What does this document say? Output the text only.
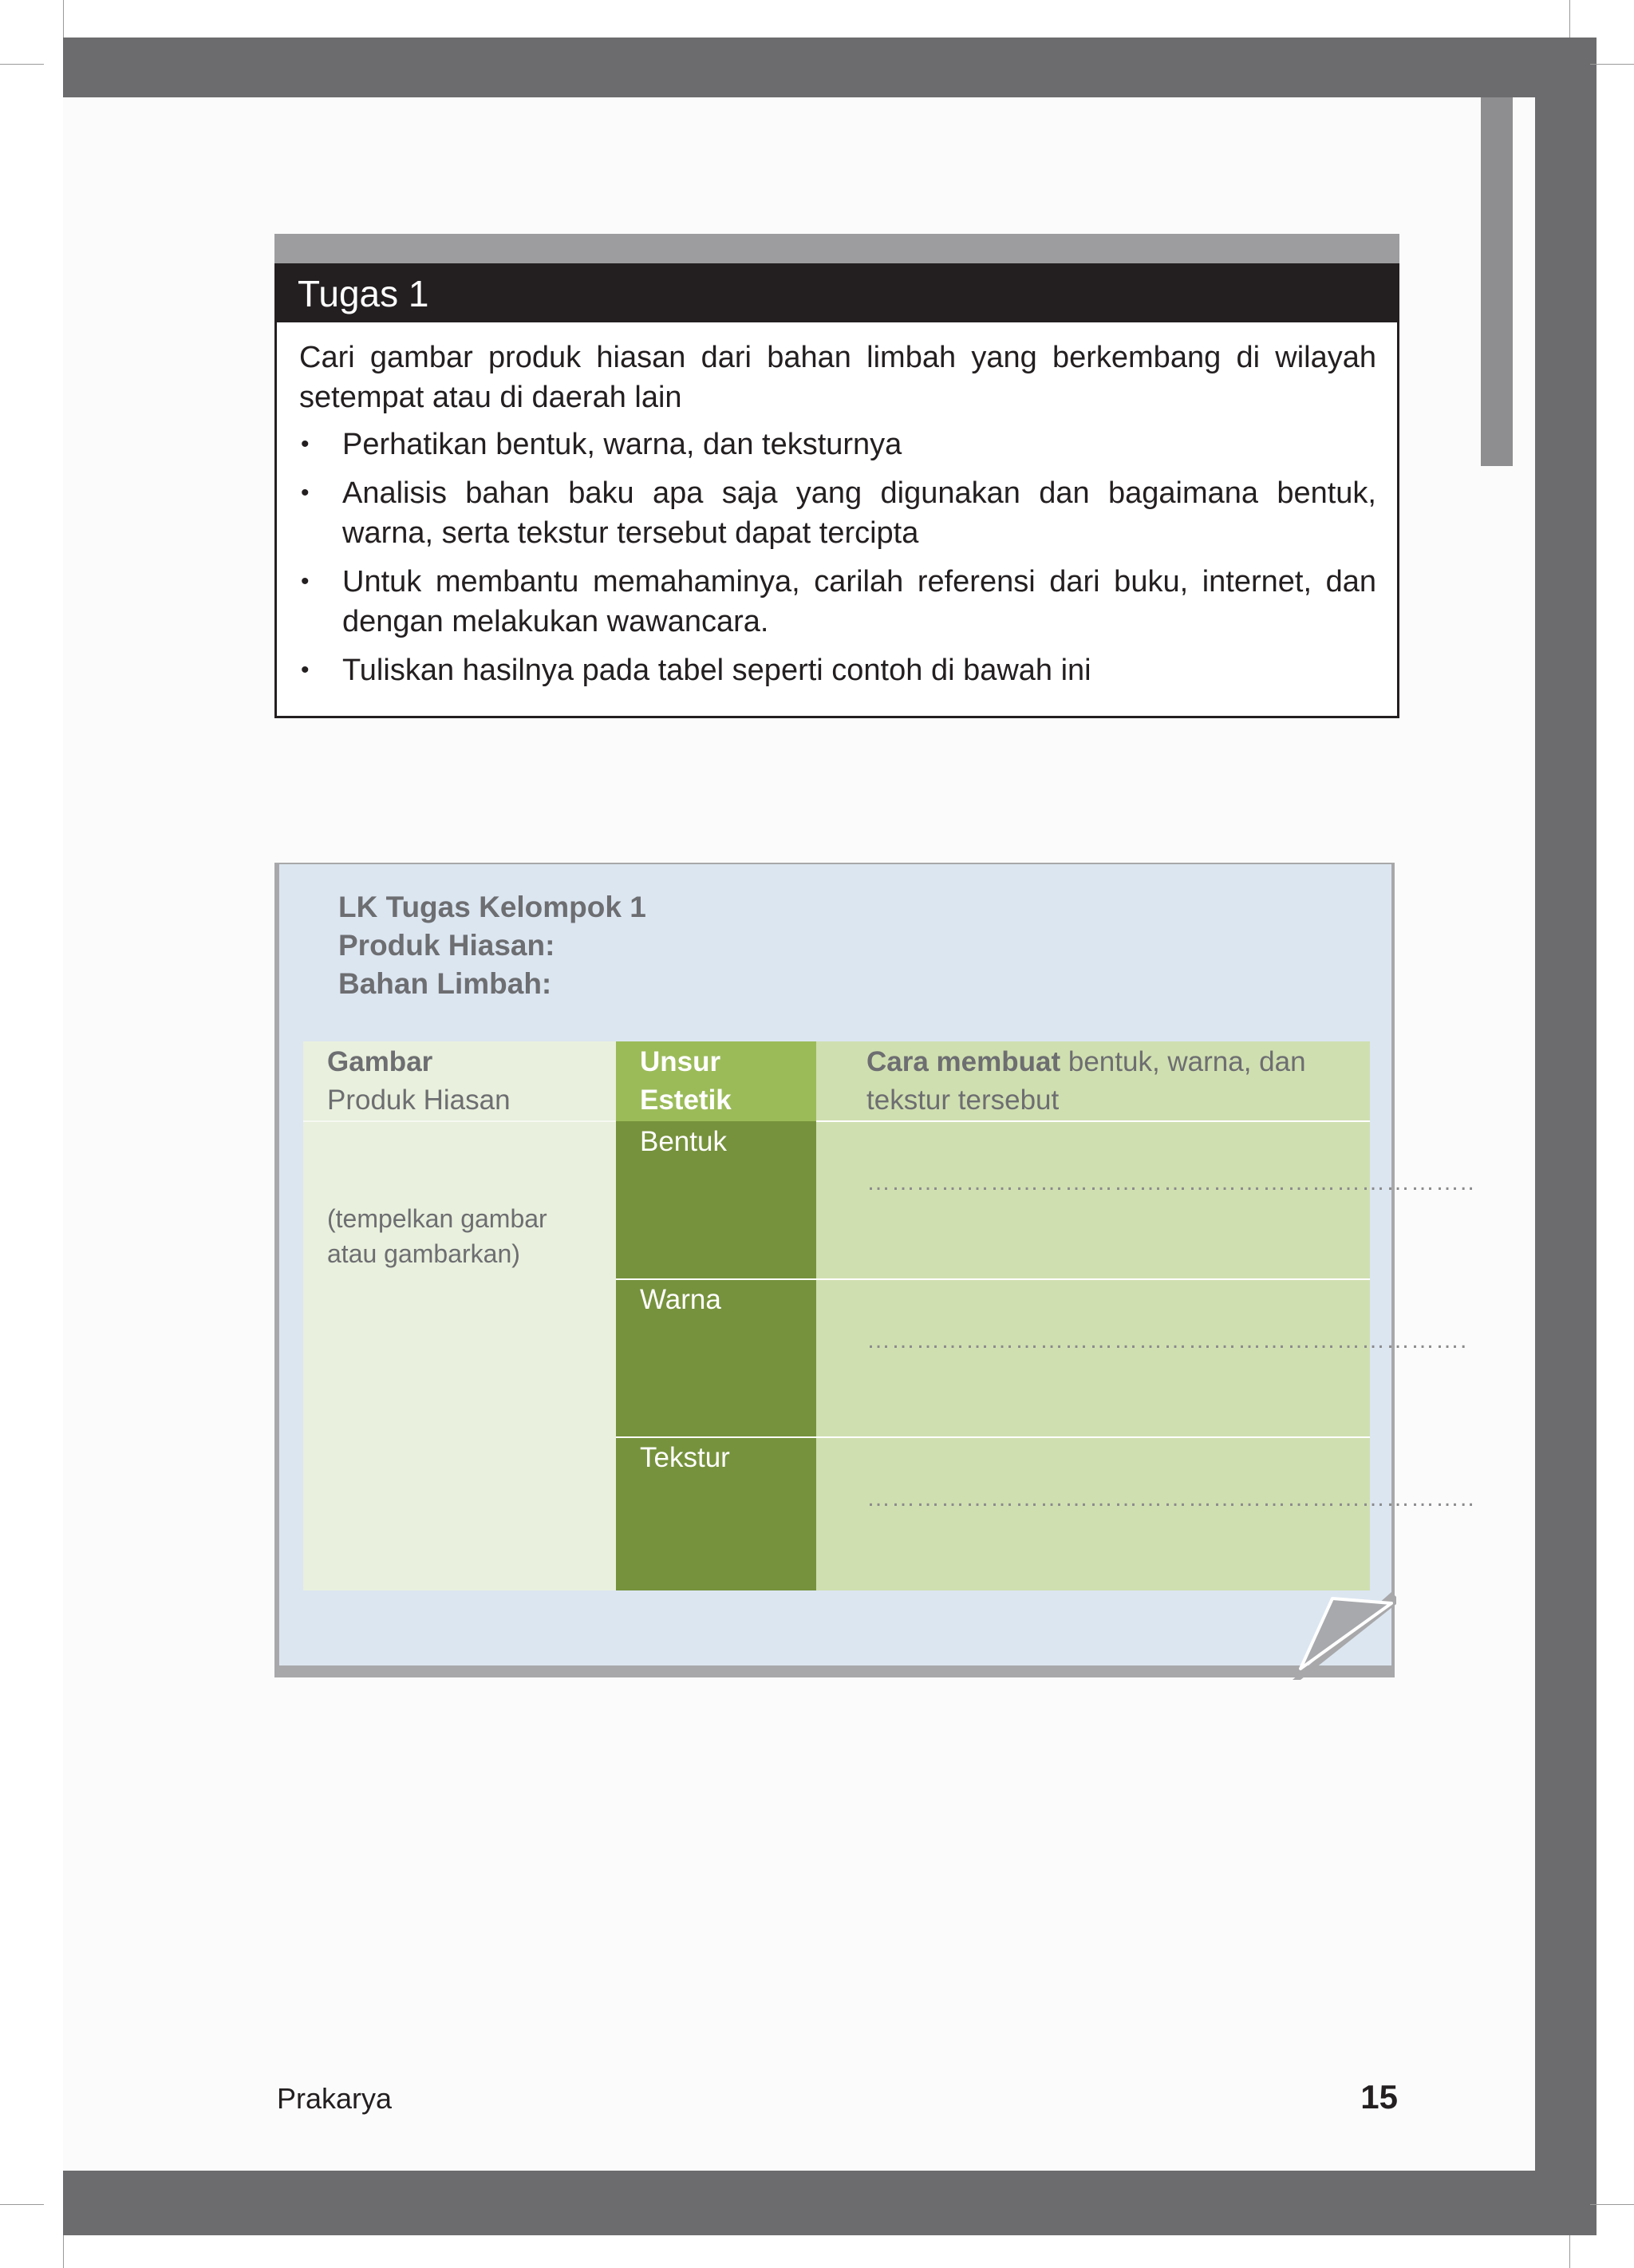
Tugas 1
Cari gambar produk hiasan dari bahan limbah yang berkembang di wilayah
setempat atau di daerah lain
• Perhatikan bentuk, warna, dan teksturnya
• Analisis bahan baku apa saja yang digunakan dan bagaimana bentuk,
warna, serta tekstur tersebut dapat tercipta
• Untuk membantu memahaminya, carilah referensi dari buku, internet, dan
dengan melakukan wawancara.
• Tuliskan hasilnya pada tabel seperti contoh di bawah ini
LK Tugas Kelompok 1
Produk Hiasan:
Bahan Limbah:
Gambar
Produk Hiasan
Unsur
Estetik
Cara membuat bentuk, warna, dan
tekstur tersebut
(tempelkan gambar
atau gambarkan)
Bentuk
………………………………………………………………..
Warna
……………………………………………………………….
Tekstur
………………………………………………………………..
Prakarya	15
